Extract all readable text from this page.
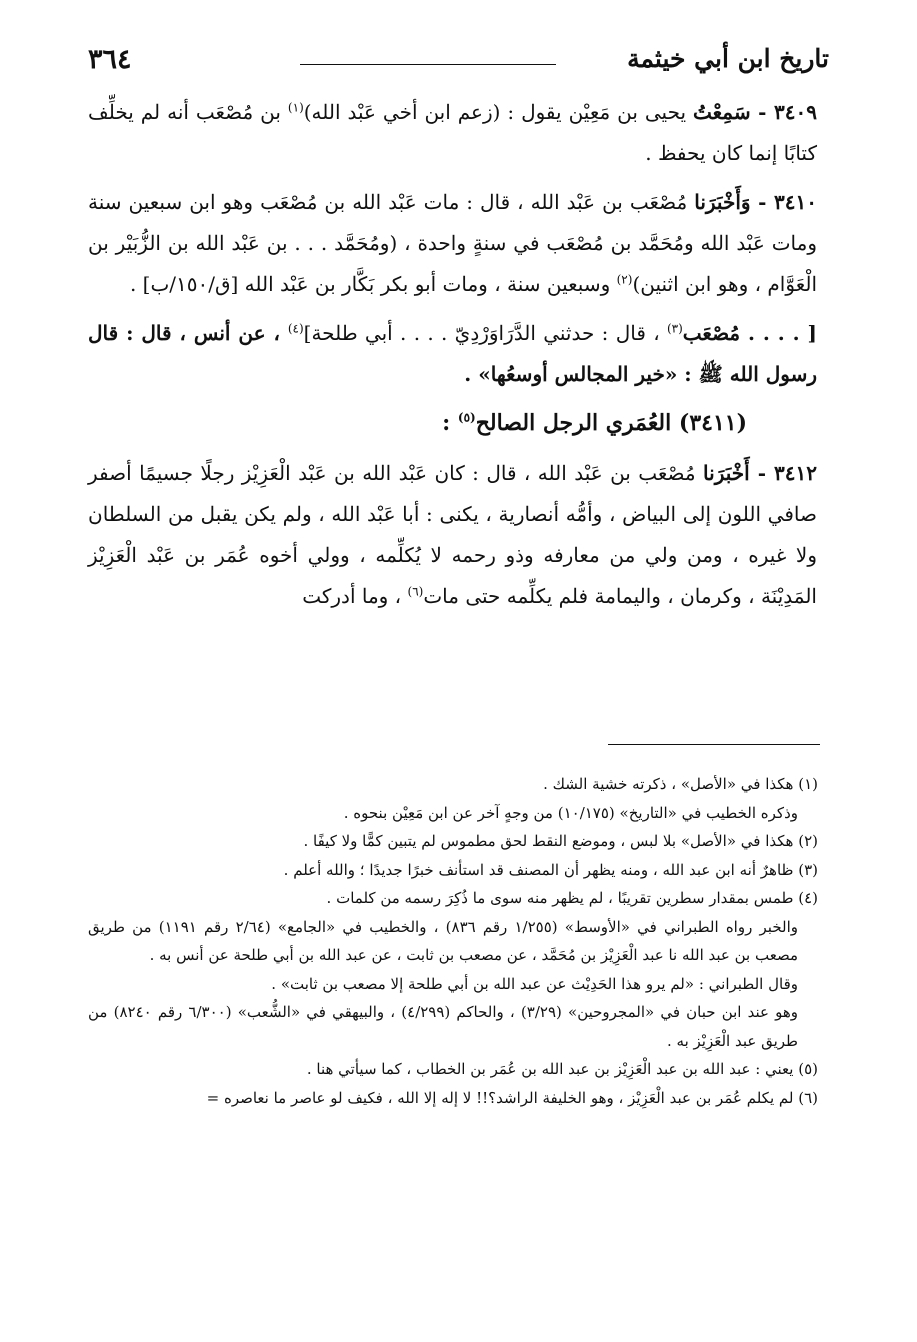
تاريخ ابن أبي خيثمة
٣٦٤

٣٤٠٩ - سَمِعْتُ يحيى بن مَعِيْن يقول : (زعم ابن أخي عَبْد الله)$^{(١)}$ بن مُصْعَب أنه لم يخلِّف كتابًا إنما كان يحفظ .

٣٤١٠ - وَأَخْبَرَنا مُصْعَب بن عَبْد الله ، قال : مات عَبْد الله بن مُصْعَب وهو ابن سبعين سنة ومات عَبْد الله ومُحَمَّد بن مُصْعَب في سنةٍ واحدة ، (ومُحَمَّد . . . بن عَبْد الله بن الزُّبَيْر بن الْعَوَّام ، وهو ابن اثنين)$^{(٢)}$ وسبعين سنة ، ومات أبو بكر بَكَّار بن عَبْد الله [ق/١٥٠/ب] .

[ . . . . مُصْعَب$^{(٣)}$ ، قال : حدثني الدَّرَاوَرْدِيّ . . . . أبي طلحة]$^{(٤)}$ ، عن أنس ، قال : قال رسول الله ﷺ : «خير المجالس أوسعُها» .

(٣٤١١) العُمَري الرجل الصالح$^{(٥)}$ :

٣٤١٢ - أَخْبَرَنا مُصْعَب بن عَبْد الله ، قال : كان عَبْد الله بن عَبْد الْعَزِيْز رجلًا جسيمًا أصفر صافي اللون إلى البياض ، وأمُّه أنصارية ، يكنى : أبا عَبْد الله ، ولم يكن يقبل من السلطان ولا غيره ، ومن ولي من معارفه وذو رحمه لا يُكلِّمه ، وولي أخوه عُمَر بن عَبْد الْعَزِيْز المَدِيْنَة ، وكرمان ، واليمامة فلم يكلِّمه حتى مات$^{(٦)}$ ، وما أدركت

(١) هكذا في «الأصل» ، ذكرته خشية الشك .

وذكره الخطيب في «التاريخ» (١٠/١٧٥) من وجهٍ آخر عن ابن مَعِيْن بنحوه .

(٢) هكذا في «الأصل» بلا لبس ، وموضع النقط لحق مطموس لم يتبين كمًّا ولا كيفًا .

(٣) ظاهرٌ أنه ابن عبد الله ، ومنه يظهر أن المصنف قد استأنف خبرًا جديدًا ؛ والله أعلم .

(٤) طمس بمقدار سطرين تقريبًا ، لم يظهر منه سوى ما ذُكِرَ رسمه من كلمات .

والخبر رواه الطبراني في «الأوسط» (١/٢٥٥ رقم ٨٣٦) ، والخطيب في «الجامع» (٢/٦٤ رقم ١١٩١) من طريق مصعب بن عبد الله نا عبد الْعَزِيْز بن مُحَمَّد ، عن مصعب بن ثابت ، عن عبد الله بن أبي طلحة عن أنس به .

وقال الطبراني : «لم يرو هذا الحَدِيْث عن عبد الله بن أبي طلحة إلا مصعب بن ثابت» .

وهو عند ابن حبان في «المجروحين» (٣/٢٩) ، والحاكم (٤/٢٩٩) ، والبيهقي في «الشُّعب» (٦/٣٠٠ رقم ٨٢٤٠) من طريق عبد الْعَزِيْز به .

(٥) يعني : عبد الله بن عبد الْعَزِيْز بن عبد الله بن عُمَر بن الخطاب ، كما سيأتي هنا .

(٦) لم يكلم عُمَر بن عبد الْعَزِيْز ، وهو الخليفة الراشد؟!! لا إله إلا الله ، فكيف لو عاصر ما نعاصره =
